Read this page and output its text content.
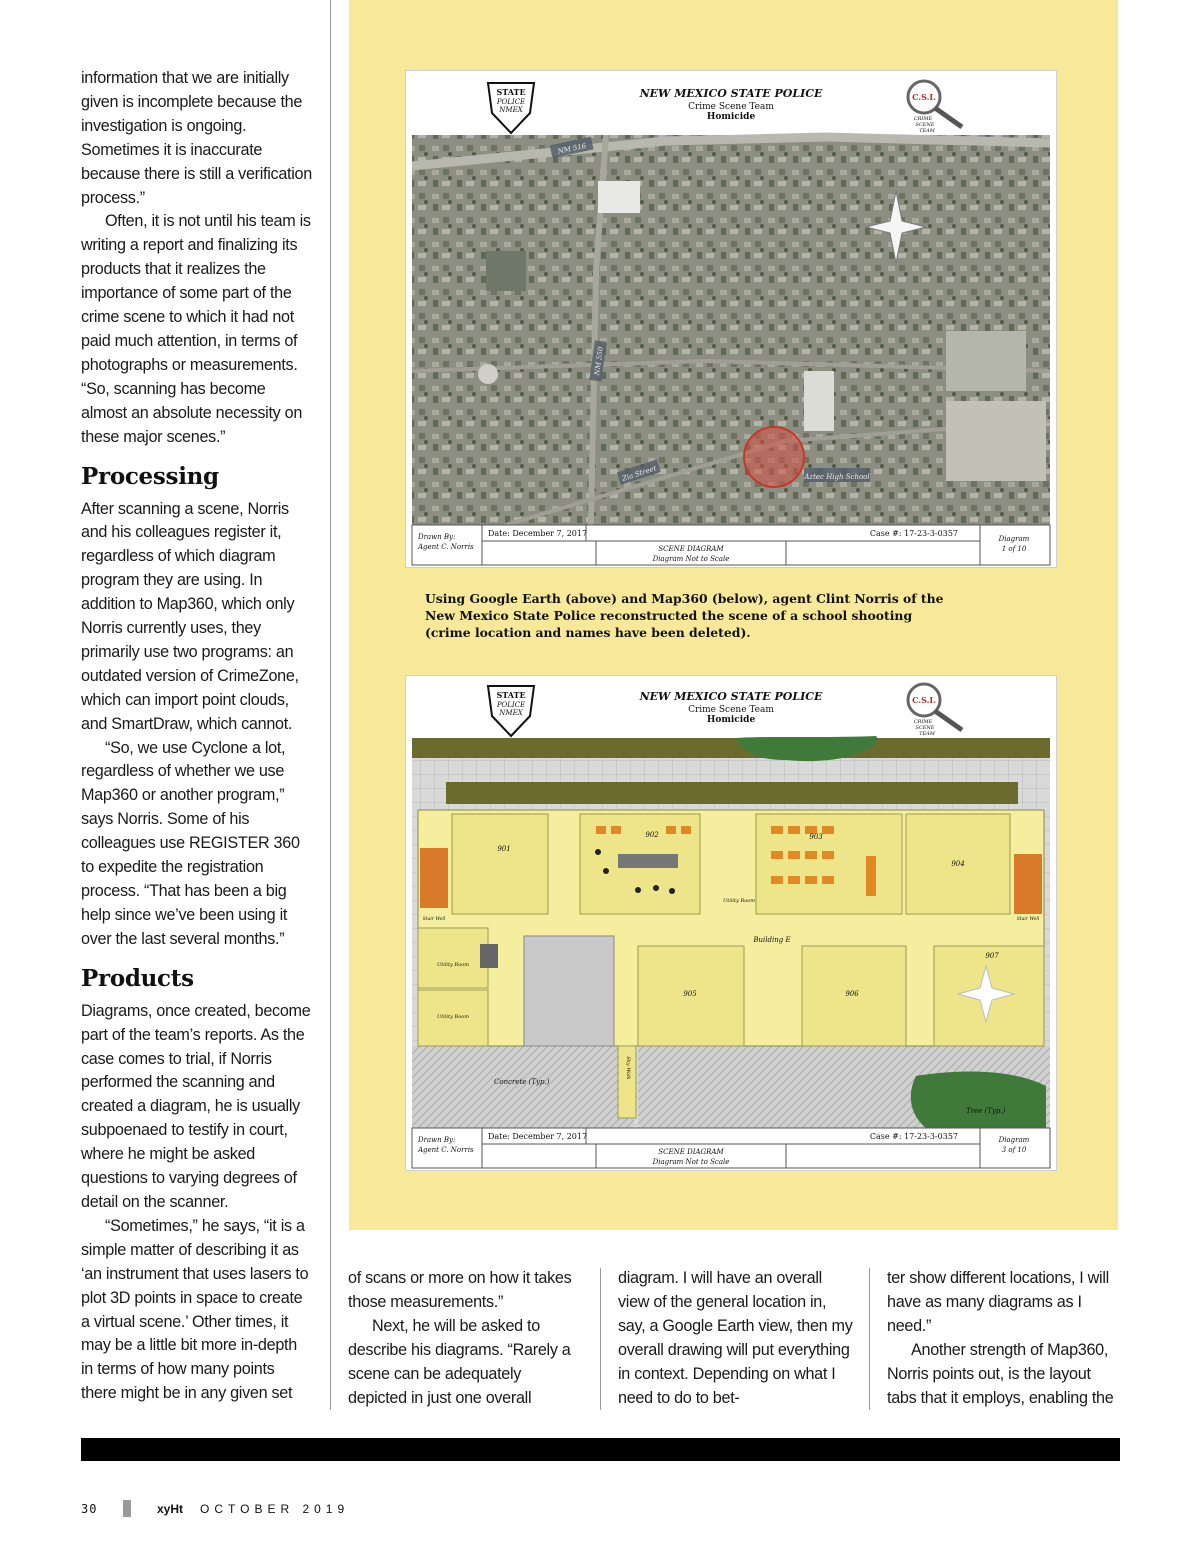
information that we are initially given is incomplete because the investigation is ongoing. Sometimes it is inaccurate because there is still a verification process.”

Often, it is not until his team is writing a report and finalizing its products that it realizes the importance of some part of the crime scene to which it had not paid much attention, in terms of photographs or measurements. “So, scanning has become almost an absolute necessity on these major scenes.”

Processing

After scanning a scene, Norris and his colleagues register it, regardless of which diagram program they are using. In addition to Map360, which only Norris currently uses, they primarily use two programs: an outdated version of CrimeZone, which can import point clouds, and SmartDraw, which cannot.

“So, we use Cyclone a lot, regardless of whether we use Map360 or another program,” says Norris. Some of his colleagues use REGISTER 360 to expedite the registration process. “That has been a big help since we’ve been using it over the last several months.”

Products

Diagrams, once created, become part of the team’s reports. As the case comes to trial, if Norris performed the scanning and created a diagram, he is usually subpoenaed to testify in court, where he might be asked questions to varying degrees of detail on the scanner.

“Sometimes,” he says, “it is a simple matter of describing it as ‘an instrument that uses lasers to plot 3D points in space to create a virtual scene.’ Other times, it may be a little bit more in-depth in terms of how many points there might be in any given set

STATE
POLICE
NMEX
NEW MEXICO STATE POLICE
Crime Scene Team
Homicide
C.S.I.
CRIME
SCENE
TEAM
NM 516
NM 550
Zia Street	Aztec High School
Drawn By:
Agent C. Norris
Date: December 7, 2017	Case #: 17-23-3-0357
SCENE DIAGRAM
Diagram Not to Scale
Diagram
1 of 10
Using Google Earth (above) and Map360 (below), agent Clint Norris of the New Mexico State Police reconstructed the scene of a school shooting (crime location and names have been deleted).
STATE
POLICE
NMEX
NEW MEXICO STATE POLICE
Crime Scene Team
Homicide
C.S.I.
CRIME
SCENE
TEAM
901
902	903
904
905	906
907
Utility Room
Utility Room
Utility Room
Building E
Concrete (Typ.)
Tree (Typ.)
Sky Walk
Stair Well	Stair Well
Drawn By:
Agent C. Norris
Date: December 7, 2017	Case #: 17-23-3-0357
SCENE DIAGRAM
Diagram Not to Scale
Diagram
3 of 10

of scans or more on how it takes those measurements.”

Next, he will be asked to describe his diagrams. “Rarely a scene can be adequately depicted in just one overall

diagram. I will have an overall view of the general location in, say, a Google Earth view, then my overall drawing will put everything in context. Depending on what I need to do to bet-

ter show different locations, I will have as many diagrams as I need.”

Another strength of Map360, Norris points out, is the layout tabs that it employs, enabling the

30	xyHt OCTOBER 2019
